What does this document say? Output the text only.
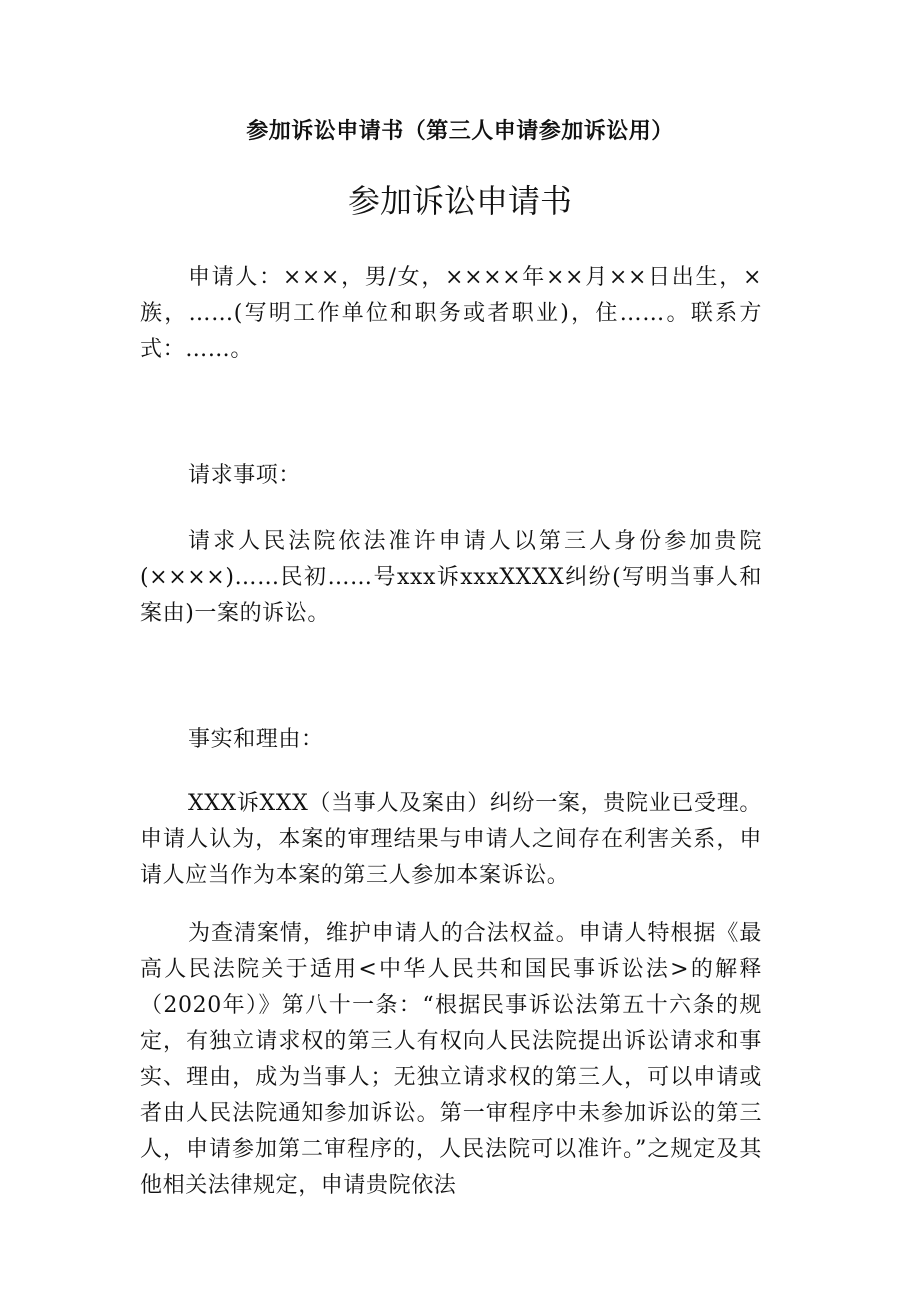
参加诉讼申请书（第三人申请参加诉讼用）
参加诉讼申请书

申请人：×××，男/女，××××年××月××日出生，×族，……(写明工作单位和职务或者职业)，住……。联系方式：……。

请求事项：

请求人民法院依法准许申请人以第三人身份参加贵院(××××)……民初……号xxx诉xxxXXXX纠纷(写明当事人和案由)一案的诉讼。

事实和理由：

XXX诉XXX（当事人及案由）纠纷一案，贵院业已受理。申请人认为，本案的审理结果与申请人之间存在利害关系，申请人应当作为本案的第三人参加本案诉讼。

为查清案情，维护申请人的合法权益。申请人特根据《最高人民法院关于适用<中华人民共和国民事诉讼法>的解释（2020年）》第八十一条：“根据民事诉讼法第五十六条的规定，有独立请求权的第三人有权向人民法院提出诉讼请求和事实、理由，成为当事人；无独立请求权的第三人，可以申请或者由人民法院通知参加诉讼。第一审程序中未参加诉讼的第三人，申请参加第二审程序的，人民法院可以准许。”之规定及其他相关法律规定，申请贵院依法
